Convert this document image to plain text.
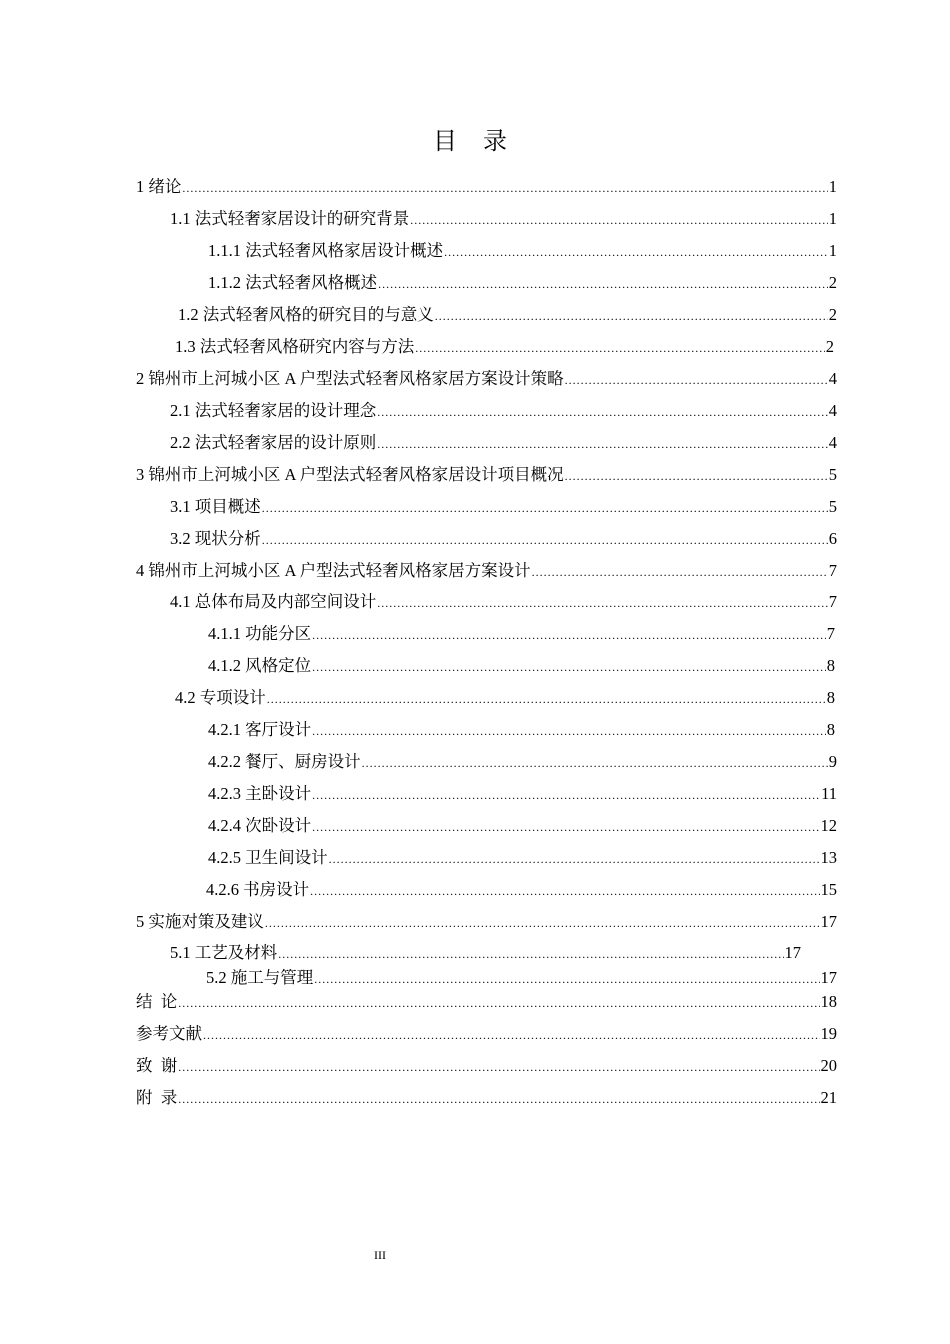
目 录
1 绪论 .....	1
1.1 法式轻奢家居设计的研究背景 .....	1
1.1.1 法式轻奢风格家居设计概述 .....	1
1.1.2 法式轻奢风格概述 .....	2
1.2 法式轻奢风格的研究目的与意义 .....	2
1.3 法式轻奢风格研究内容与方法 .....	2
2 锦州市上河城小区 A 户型法式轻奢风格家居方案设计策略 .....	4
2.1 法式轻奢家居的设计理念 .....	4
2.2 法式轻奢家居的设计原则 .....	4
3 锦州市上河城小区 A 户型法式轻奢风格家居设计项目概况 .....	5
3.1 项目概述 .....	5
3.2 现状分析 .....	6
4 锦州市上河城小区 A 户型法式轻奢风格家居方案设计 .....	7
4.1 总体布局及内部空间设计 .....	7
4.1.1 功能分区 .....	7
4.1.2 风格定位 .....	8
4.2 专项设计 .....	8
4.2.1 客厅设计 .....	8
4.2.2 餐厅、厨房设计 .....	9
4.2.3 主卧设计 .....	11
4.2.4 次卧设计 .....	12
4.2.5 卫生间设计 .....	13
4.2.6 书房设计 .....	15
5 实施对策及建议 .....	17
5.1 工艺及材料 .....	17
5.2 施工与管理 .....	17
结  论 .....	18
参考文献 .....	19
致  谢 .....	20
附  录 .....	21
III
